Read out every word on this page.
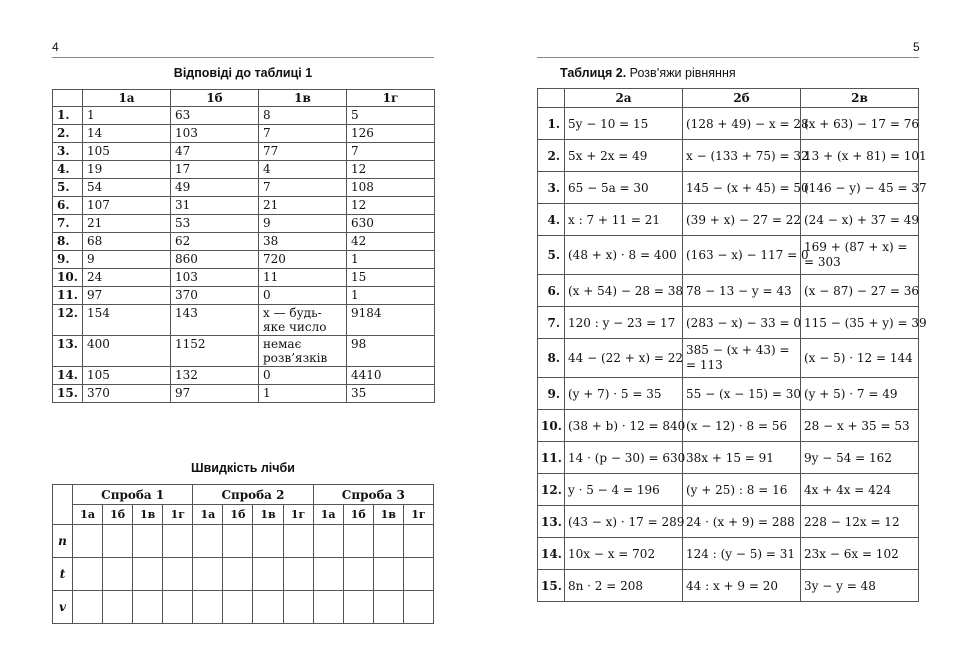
4
Відповіді до таблиці 1
	1а	1б	1в	1г
1.	1	63	8	5
2.	14	103	7	126
3.	105	47	77	7
4.	19	17	4	12
5.	54	49	7	108
6.	107	31	21	12
7.	21	53	9	630
8.	68	62	38	42
9.	9	860	720	1
10.	24	103	11	15
11.	97	370	0	1
12.	154	143	x — будь-яке число	9184
13.	400	1152	немає розв’язків	98
14.	105	132	0	4410
15.	370	97	1	35
Швидкість лічби
	Спроба 1				Спроба 2				Спроба 3			
	1а	1б	1в	1г	1а	1б	1в	1г	1а	1б	1в	1г
n												
t												
v												
5
Таблиця 2. Розв’яжи рівняння
	2а	2б	2в
1.	5y − 10 = 15	(128 + 49) − x = 28	(x + 63) − 17 = 76
2.	5x + 2x = 49	x − (133 + 75) = 32	13 + (x + 81) = 101
3.	65 − 5a = 30	145 − (x + 45) = 50	(146 − y) − 45 = 37
4.	x : 7 + 11 = 21	(39 + x) − 27 = 22	(24 − x) + 37 = 49
5.	(48 + x) · 8 = 400	(163 − x) − 117 = 0	169 + (87 + x) = = 303

6.	(x + 54) − 28 = 38	78 − 13 − y = 43	(x − 87) − 27 = 36
7.	120 : y − 23 = 17	(283 − x) − 33 = 0	115 − (35 + y) = 39
8.	44 − (22 + x) = 22	385 − (x + 43) = = 113	(x − 5) · 12 = 144
9.	(y + 7) · 5 = 35	55 − (x − 15) = 30	(y + 5) · 7 = 49
10.	(38 + b) · 12 = 840	(x − 12) · 8 = 56	28 − x + 35 = 53
11.	14 · (p − 30) = 630	38x + 15 = 91	9y − 54 = 162
12.	y · 5 − 4 = 196	(y + 25) : 8 = 16	4x + 4x = 424
13.	(43 − x) · 17 = 289	24 · (x + 9) = 288	228 − 12x = 12
14.	10x − x = 702	124 : (y − 5) = 31	23x − 6x = 102
15.	8n · 2 = 208	44 : x + 9 = 20	3y − y = 48
